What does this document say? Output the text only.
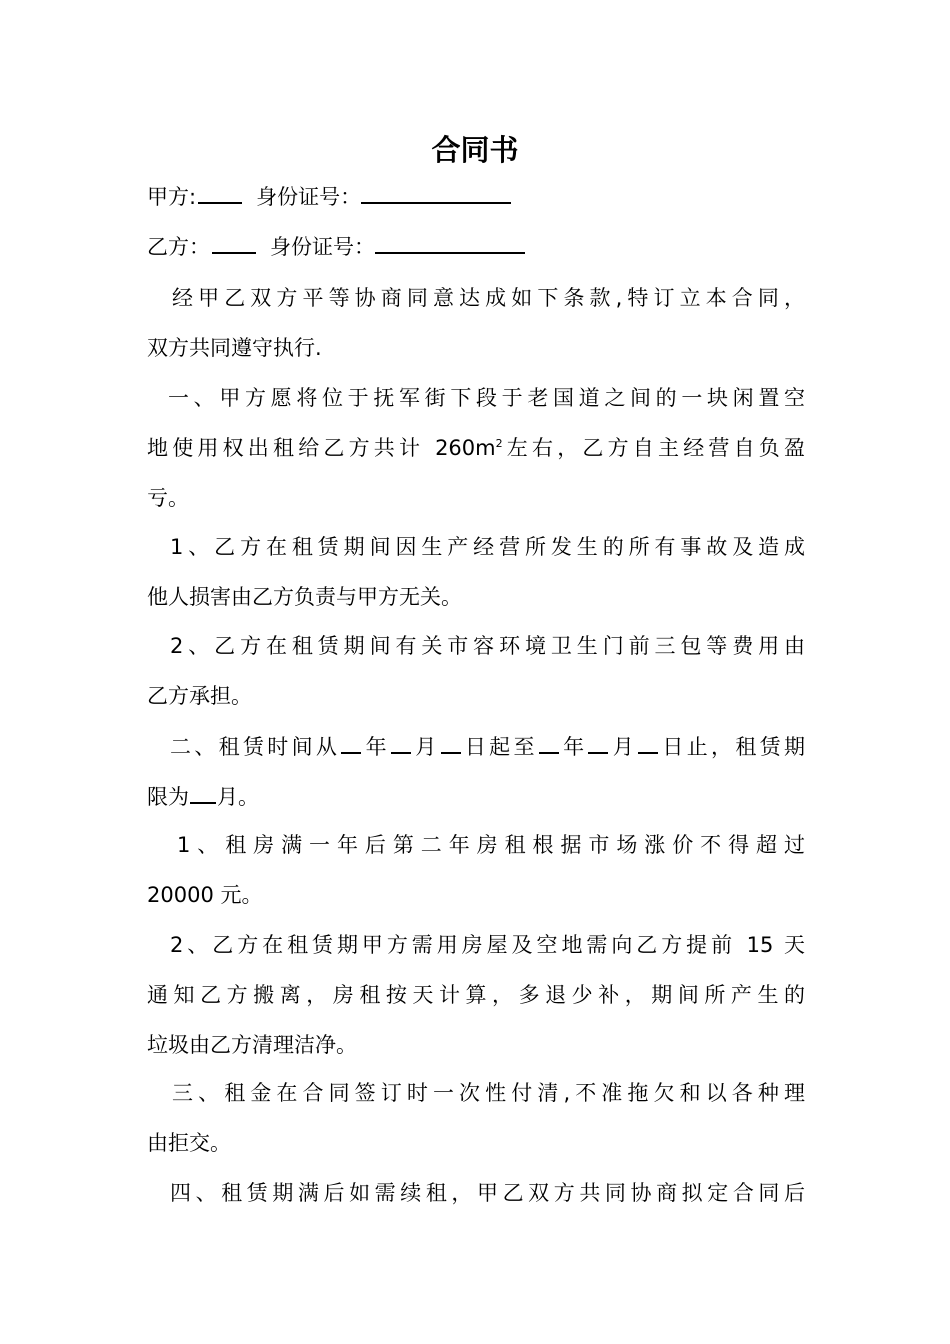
合同书
甲方:	身份证号：
乙方：	身份证号：
经甲乙双方平等协商同意达成如下条款,特订立本合同，
双方共同遵守执行.
一、甲方愿将位于抚军街下段于老国道之间的一块闲置空
地使用权出租给乙方共计 $260m^2$左右，乙方自主经营自负盈
亏。
1、乙方在租赁期间因生产经营所发生的所有事故及造成
他人损害由乙方负责与甲方无关。
2、乙方在租赁期间有关市容环境卫生门前三包等费用由
乙方承担。
二、租赁时间从 年 月 日起至 年 月 日止，租赁期
限为 月。
1、租房满一年后第二年房租根据市场涨价不得超过
20000 元。
2、乙方在租赁期甲方需用房屋及空地需向乙方提前 15 天
通知乙方搬离，房租按天计算，多退少补，期间所产生的
垃圾由乙方清理洁净。
三、租金在合同签订时一次性付清,不准拖欠和以各种理
由拒交。
四、租赁期满后如需续租，甲乙双方共同协商拟定合同后
